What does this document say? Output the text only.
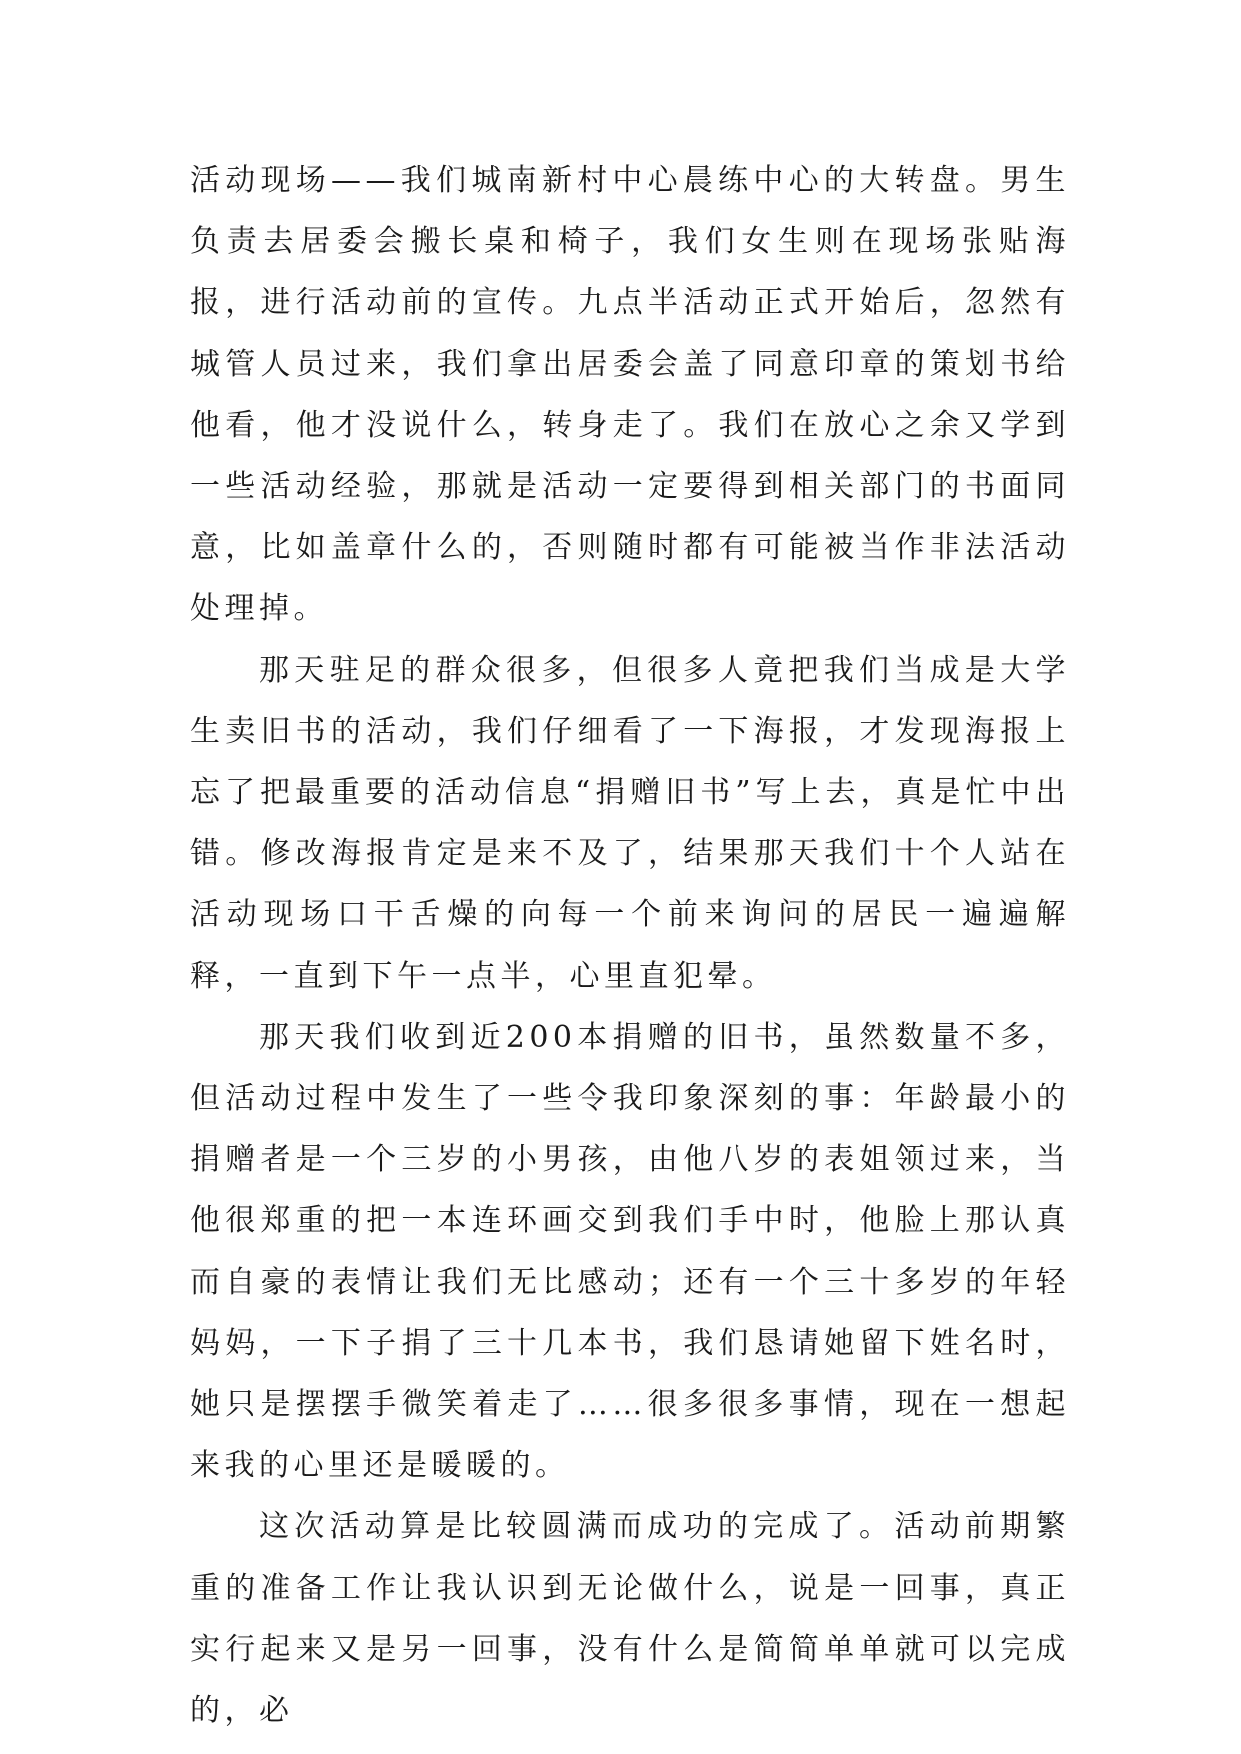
活动现场——我们城南新村中心晨练中心的大转盘。男生负责去居委会搬长桌和椅子，我们女生则在现场张贴海报，进行活动前的宣传。九点半活动正式开始后，忽然有城管人员过来，我们拿出居委会盖了同意印章的策划书给他看，他才没说什么，转身走了。我们在放心之余又学到一些活动经验，那就是活动一定要得到相关部门的书面同意，比如盖章什么的，否则随时都有可能被当作非法活动处理掉。

那天驻足的群众很多，但很多人竟把我们当成是大学生卖旧书的活动，我们仔细看了一下海报，才发现海报上忘了把最重要的活动信息“捐赠旧书”写上去，真是忙中出错。修改海报肯定是来不及了，结果那天我们十个人站在活动现场口干舌燥的向每一个前来询问的居民一遍遍解释，一直到下午一点半，心里直犯晕。

那天我们收到近200本捐赠的旧书，虽然数量不多，但活动过程中发生了一些令我印象深刻的事：年龄最小的捐赠者是一个三岁的小男孩，由他八岁的表姐领过来，当他很郑重的把一本连环画交到我们手中时，他脸上那认真而自豪的表情让我们无比感动；还有一个三十多岁的年轻妈妈，一下子捐了三十几本书，我们恳请她留下姓名时，她只是摆摆手微笑着走了……很多很多事情，现在一想起来我的心里还是暖暖的。

这次活动算是比较圆满而成功的完成了。活动前期繁重的准备工作让我认识到无论做什么，说是一回事，真正实行起来又是另一回事，没有什么是简简单单就可以完成的，必
